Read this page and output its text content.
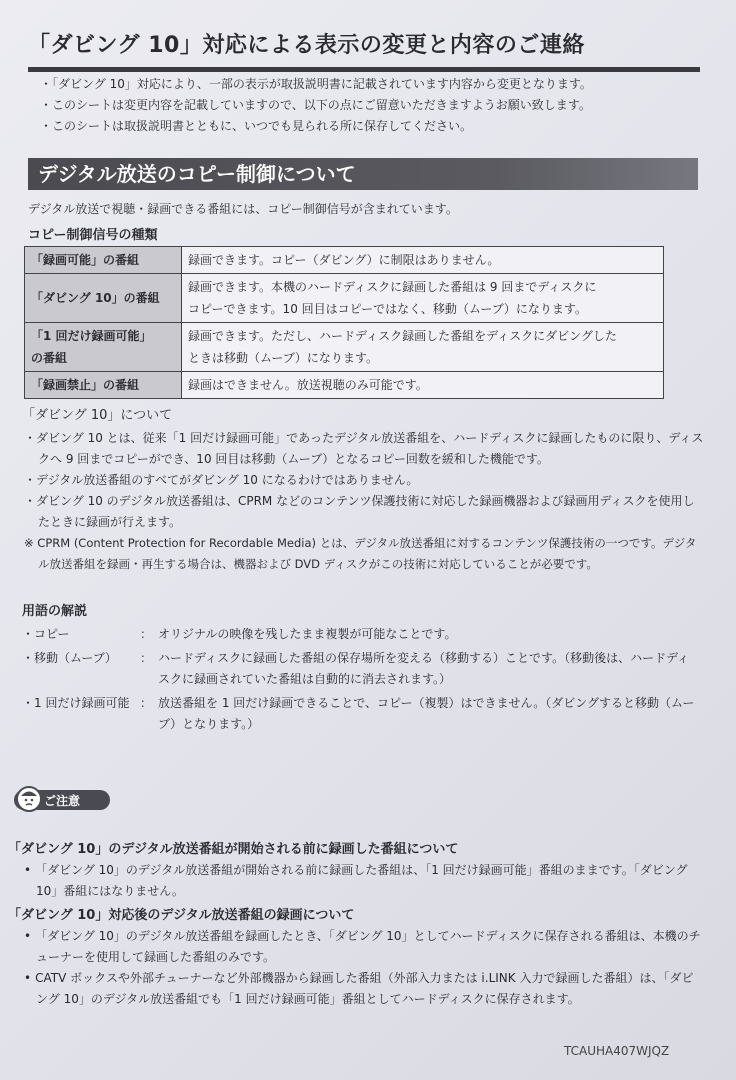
「ダビング 10」対応による表示の変更と内容のご連絡
・ 「ダビング 10」対応により、一部の表示が取扱説明書に記載されています内容から変更となります。
・ このシートは変更内容を記載していますので、以下の点にご留意いただきますようお願い致します。
・ このシートは取扱説明書とともに、いつでも見られる所に保存してください。
デジタル放送のコピー制御について
デジタル放送で視聴・録画できる番組には、コピー制御信号が含まれています。
コピー制御信号の種類
「録画可能」の番組	録画できます。コピー（ダビング）に制限はありません。
「ダビング 10」の番組	録画できます。本機のハードディスクに録画した番組は 9 回までディスクに
コピーできます。10 回目はコピーではなく、移動（ムーブ）になります。
「1 回だけ録画可能」
の番組	録画できます。ただし、ハードディスク録画した番組をディスクにダビングした
ときは移動（ムーブ）になります。
「録画禁止」の番組	録画はできません。放送視聴のみ可能です。
「ダビング 10」について
・ ダビング 10 とは、従来「1 回だけ録画可能」であったデジタル放送番組を、ハードディスクに録画したものに限り、ディスクへ 9 回までコピーができ、10 回目は移動（ムーブ）となるコピー回数を緩和した機能です。
・ デジタル放送番組のすべてがダビング 10 になるわけではありません。
・ ダビング 10 のデジタル放送番組は、CPRM などのコンテンツ保護技術に対応した録画機器および録画用ディスクを使用したときに録画が行えます。
※ CPRM (Content Protection for Recordable Media) とは、デジタル放送番組に対するコンテンツ保護技術の一つです。デジタル放送番組を録画・再生する場合は、機器および DVD ディスクがこの技術に対応していることが必要です。
用語の解説
・コピー	：	オリジナルの映像を残したまま複製が可能なことです。
・移動（ムーブ）	：	ハードディスクに録画した番組の保存場所を変える（移動する）ことです。（移動後は、ハードディスクに録画されていた番組は自動的に消去されます。）
・1 回だけ録画可能	：	放送番組を 1 回だけ録画できることで、コピー（複製）はできません。（ダビングすると移動（ムーブ）となります。）
ご注意
「ダビング 10」のデジタル放送番組が開始される前に録画した番組について
• 「ダビング 10」のデジタル放送番組が開始される前に録画した番組は、「1 回だけ録画可能」番組のままです。「ダビング 10」番組にはなりません。
「ダビング 10」対応後のデジタル放送番組の録画について
• 「ダビング 10」のデジタル放送番組を録画したとき、「ダビング 10」としてハードディスクに保存される番組は、本機のチューナーを使用して録画した番組のみです。
• CATV ボックスや外部チューナーなど外部機器から録画した番組（外部入力または i.LINK 入力で録画した番組）は、「ダビング 10」のデジタル放送番組でも「1 回だけ録画可能」番組としてハードディスクに保存されます。
TCAUHA407WJQZ
